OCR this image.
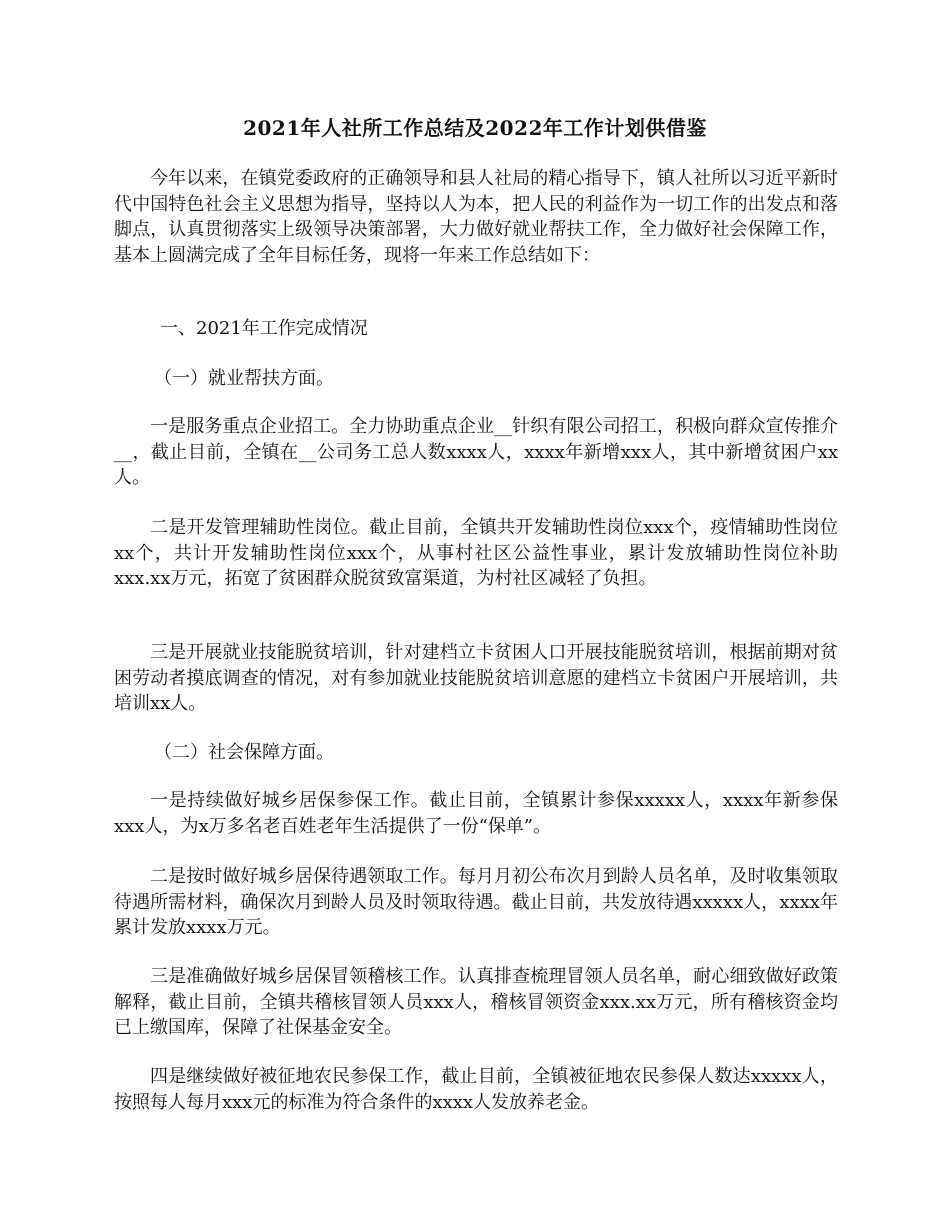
2021年人社所工作总结及2022年工作计划供借鉴

今年以来，在镇党委政府的正确领导和县人社局的精心指导下，镇人社所以习近平新时代中国特色社会主义思想为指导，坚持以人为本，把人民的利益作为一切工作的出发点和落脚点，认真贯彻落实上级领导决策部署，大力做好就业帮扶工作，全力做好社会保障工作，基本上圆满完成了全年目标任务，现将一年来工作总结如下：

一、2021年工作完成情况

（一）就业帮扶方面。

一是服务重点企业招工。全力协助重点企业__针织有限公司招工，积极向群众宣传推介__，截止目前，全镇在__公司务工总人数xxxx人，xxxx年新增xxx人，其中新增贫困户xx人。

二是开发管理辅助性岗位。截止目前，全镇共开发辅助性岗位xxx个，疫情辅助性岗位xx个，共计开发辅助性岗位xxx个，从事村社区公益性事业，累计发放辅助性岗位补助xxx.xx万元，拓宽了贫困群众脱贫致富渠道，为村社区减轻了负担。

三是开展就业技能脱贫培训，针对建档立卡贫困人口开展技能脱贫培训，根据前期对贫困劳动者摸底调查的情况，对有参加就业技能脱贫培训意愿的建档立卡贫困户开展培训，共培训xx人。

（二）社会保障方面。

一是持续做好城乡居保参保工作。截止目前，全镇累计参保xxxxx人，xxxx年新参保xxx人，为x万多名老百姓老年生活提供了一份“保单”。

二是按时做好城乡居保待遇领取工作。每月月初公布次月到龄人员名单，及时收集领取待遇所需材料，确保次月到龄人员及时领取待遇。截止目前，共发放待遇xxxxx人，xxxx年累计发放xxxx万元。

三是准确做好城乡居保冒领稽核工作。认真排查梳理冒领人员名单，耐心细致做好政策解释，截止目前，全镇共稽核冒领人员xxx人，稽核冒领资金xxx.xx万元，所有稽核资金均已上缴国库，保障了社保基金安全。

四是继续做好被征地农民参保工作，截止目前，全镇被征地农民参保人数达xxxxx人，按照每人每月xxx元的标准为符合条件的xxxx人发放养老金。
